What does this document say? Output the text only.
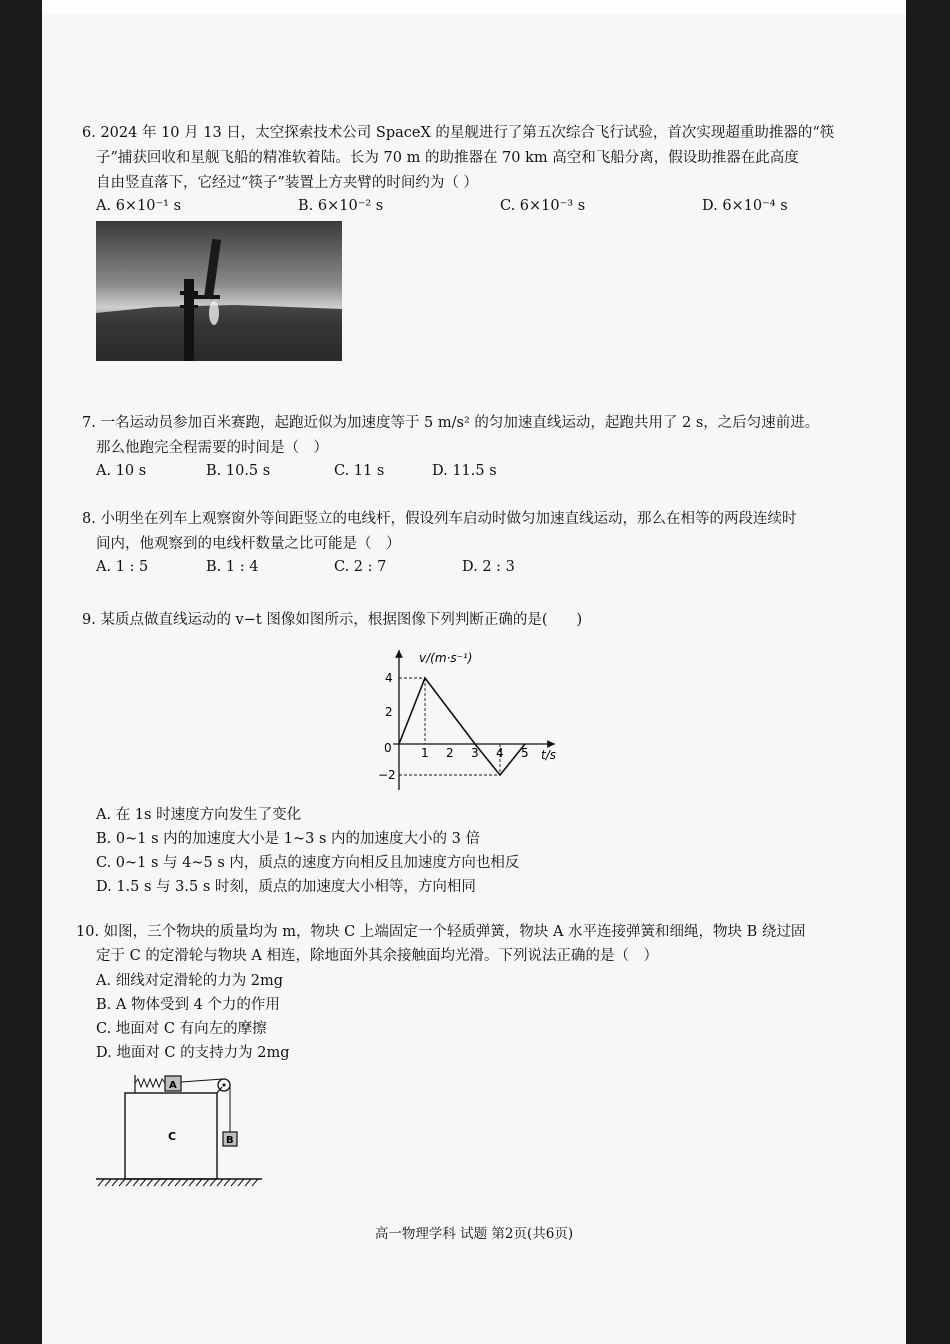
6. 2024 年 10 月 13 日，太空探索技术公司 SpaceX 的星舰进行了第五次综合飞行试验，首次实现超重助推器的“筷
子”捕获回收和星舰飞船的精准软着陆。长为 70 m 的助推器在 70 km 高空和飞船分离，假设助推器在此高度
自由竖直落下，它经过“筷子”装置上方夹臂的时间约为（ ）
A. 6×10⁻¹ s	B. 6×10⁻² s	C. 6×10⁻³ s	D. 6×10⁻⁴ s
7. 一名运动员参加百米赛跑，起跑近似为加速度等于 5 m/s² 的匀加速直线运动，起跑共用了 2 s，之后匀速前进。
那么他跑完全程需要的时间是（　）
A. 10 s	B. 10.5 s	C. 11 s	D. 11.5 s
8. 小明坐在列车上观察窗外等间距竖立的电线杆，假设列车启动时做匀加速直线运动，那么在相等的两段连续时
间内，他观察到的电线杆数量之比可能是（　）
A. 1 : 5	B. 1 : 4	C. 2 : 7	D. 2 : 3
9. 某质点做直线运动的 v−t 图像如图所示，根据图像下列判断正确的是(　　)
v/(m·s⁻¹)
t/s
0
4
2
−2
1 2 3 4 5
A. 在 1s 时速度方向发生了变化
B. 0~1 s 内的加速度大小是 1~3 s 内的加速度大小的 3 倍
C. 0~1 s 与 4~5 s 内，质点的速度方向相反且加速度方向也相反
D. 1.5 s 与 3.5 s 时刻，质点的加速度大小相等，方向相同
10. 如图，三个物块的质量均为 m，物块 C 上端固定一个轻质弹簧，物块 A 水平连接弹簧和细绳，物块 B 绕过固
定于 C 的定滑轮与物块 A 相连，除地面外其余接触面均光滑。下列说法正确的是（　）
A. 细线对定滑轮的力为 2mg
B. A 物体受到 4 个力的作用
C. 地面对 C 有向左的摩擦
D. 地面对 C 的支持力为 2mg
C
A
B
高一物理学科 试题 第2页(共6页)
